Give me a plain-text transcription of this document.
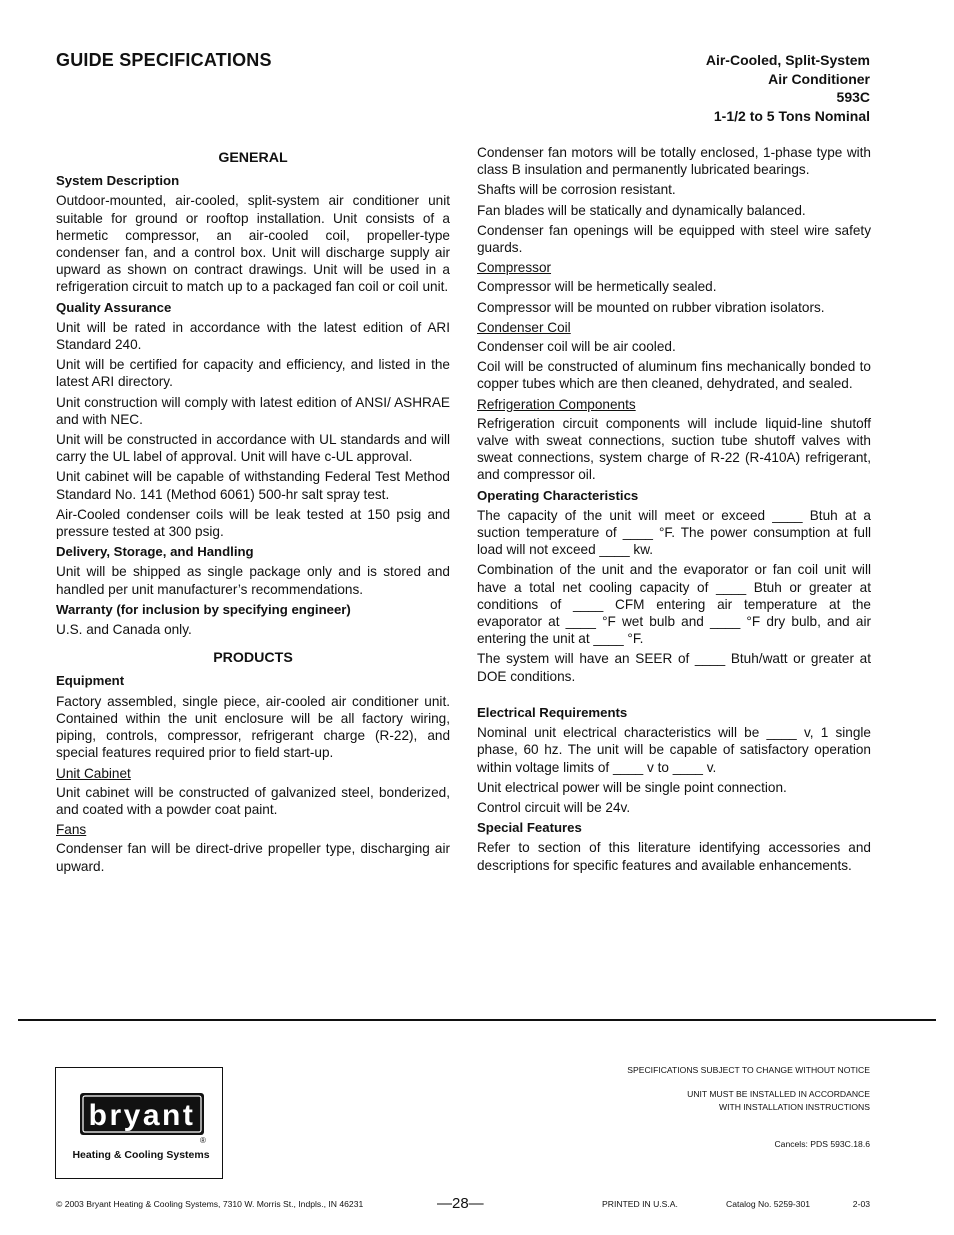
GUIDE SPECIFICATIONS	Air-Cooled, Split-System
Air Conditioner
593C
1-1/2 to 5 Tons Nominal
GENERAL
System Description

Outdoor-mounted, air-cooled, split-system air conditioner unit suitable for ground or rooftop installation. Unit consists of a hermetic compressor, an air-cooled coil, propeller-type condenser fan, and a control box. Unit will discharge supply air upward as shown on contract drawings. Unit will be used in a refrigeration circuit to match up to a packaged fan coil or coil unit.

Quality Assurance

Unit will be rated in accordance with the latest edition of ARI Standard 240.

Unit will be certified for capacity and efficiency, and listed in the latest ARI directory.

Unit construction will comply with latest edition of ANSI/ ASHRAE and with NEC.

Unit will be constructed in accordance with UL standards and will carry the UL label of approval. Unit will have c-UL approval.

Unit cabinet will be capable of withstanding Federal Test Method Standard No. 141 (Method 6061) 500-hr salt spray test.

Air-Cooled condenser coils will be leak tested at 150 psig and pressure tested at 300 psig.

Delivery, Storage, and Handling

Unit will be shipped as single package only and is stored and handled per unit manufacturer’s recommendations.

Warranty (for inclusion by specifying engineer)

U.S. and Canada only.

PRODUCTS
Equipment

Factory assembled, single piece, air-cooled air conditioner unit. Contained within the unit enclosure will be all factory wiring, piping, controls, compressor, refrigerant charge (R-22), and special features required prior to field start-up.

Unit Cabinet

Unit cabinet will be constructed of galvanized steel, bonderized, and coated with a powder coat paint.

Fans

Condenser fan will be direct-drive propeller type, discharging air upward.

Condenser fan motors will be totally enclosed, 1-phase type with class B insulation and permanently lubricated bearings.

Shafts will be corrosion resistant.

Fan blades will be statically and dynamically balanced.

Condenser fan openings will be equipped with steel wire safety guards.

Compressor

Compressor will be hermetically sealed.

Compressor will be mounted on rubber vibration isolators.

Condenser Coil

Condenser coil will be air cooled.

Coil will be constructed of aluminum fins mechanically bonded to copper tubes which are then cleaned, dehydrated, and sealed.

Refrigeration Components

Refrigeration circuit components will include liquid-line shutoff valve with sweat connections, suction tube shutoff valves with sweat connections, system charge of R-22 (R-410A) refrigerant, and compressor oil.

Operating Characteristics

The capacity of the unit will meet or exceed ____ Btuh at a suction temperature of ____ °F. The power consumption at full load will not exceed ____ kw.

Combination of the unit and the evaporator or fan coil unit will have a total net cooling capacity of ____ Btuh or greater at conditions of ____ CFM entering air temperature at the evaporator at ____ °F wet bulb and ____ °F dry bulb, and air entering the unit at ____ °F.

The system will have an SEER of ____ Btuh/watt or greater at DOE conditions.

Electrical Requirements

Nominal unit electrical characteristics will be ____ v, 1 single phase, 60 hz. The unit will be capable of satisfactory operation within voltage limits of ____ v to ____ v.

Unit electrical power will be single point connection.

Control circuit will be 24v.

Special Features

Refer to section of this literature identifying accessories and descriptions for specific features and available enhancements.

bryant
®
Heating & Cooling Systems
SPECIFICATIONS SUBJECT TO CHANGE WITHOUT NOTICE
UNIT MUST BE INSTALLED IN ACCORDANCE
WITH INSTALLATION INSTRUCTIONS
Cancels: PDS 593C.18.6
© 2003 Bryant Heating & Cooling Systems, 7310 W. Morris St., Indpls., IN 46231	—28—	PRINTED IN U.S.A.	Catalog No. 5259-301	2-03
